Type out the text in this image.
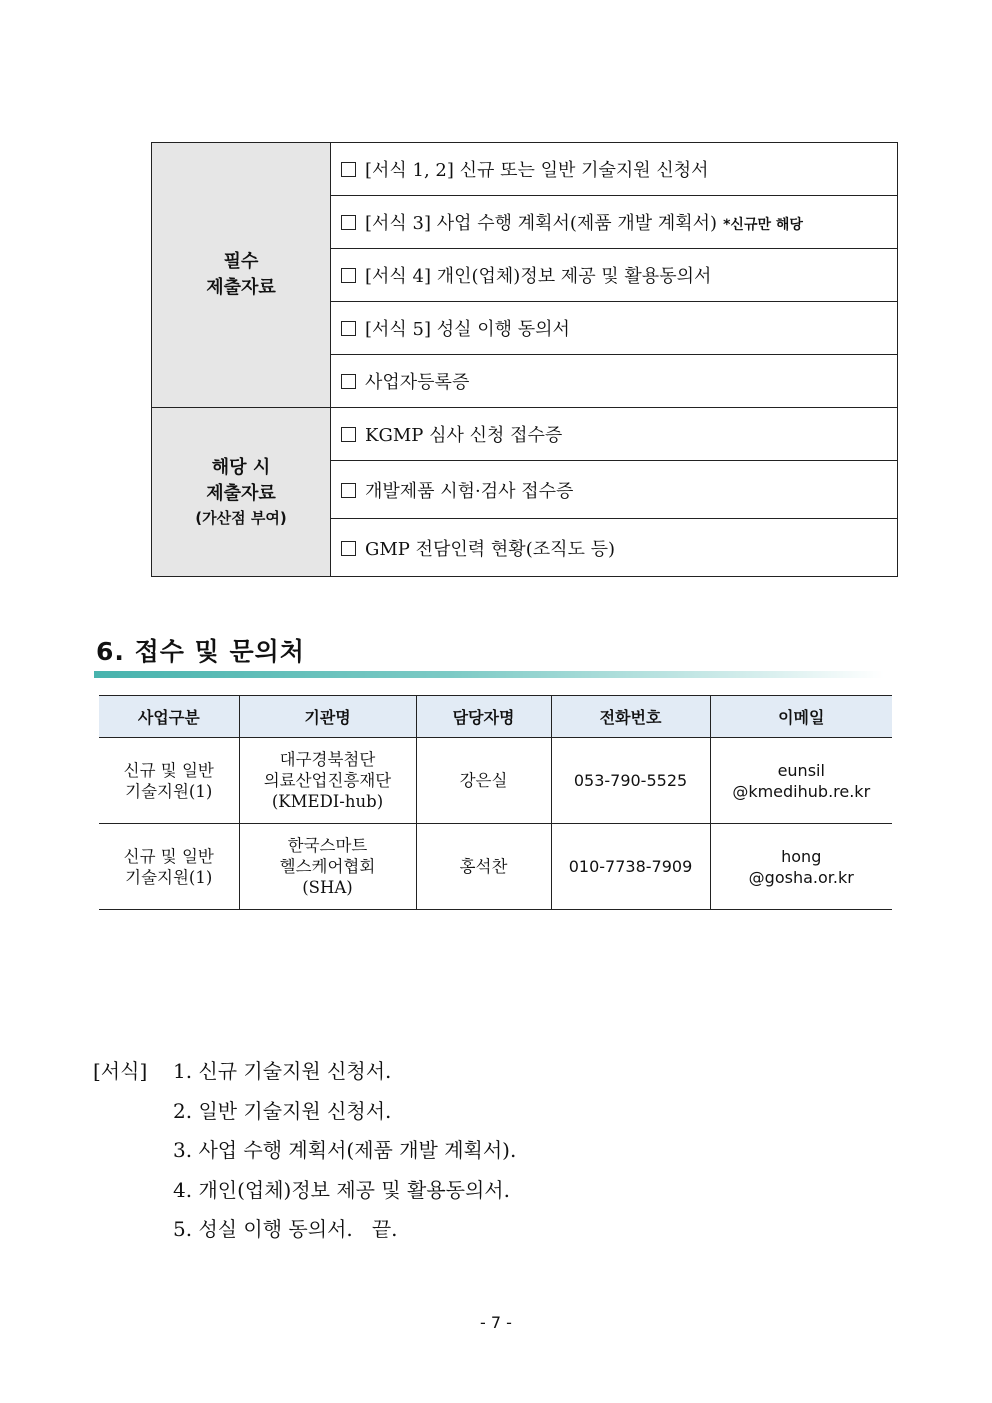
필수
제출자료	[서식 1, 2] 신규 또는 일반 기술지원 신청서
	[서식 3] 사업 수행 계획서(제품 개발 계획서) *신규만 해당
	[서식 4] 개인(업체)정보 제공 및 활용동의서
	[서식 5] 성실 이행 동의서
	사업자등록증

해당 시
제출자료
(가산점 부여)	KGMP 심사 신청 접수증
	개발제품 시험·검사 접수증
	GMP 전담인력 현황(조직도 등)
6. 접수 및 문의처
사업구분	기관명	담당자명	전화번호	이메일

신규 및 일반
기술지원(1)	대구경북첨단
의료산업진흥재단
(KMEDI-hub)	강은실	053-790-5525	eunsil
@kmedihub.re.kr

신규 및 일반
기술지원(1)	한국스마트
헬스케어협회
(SHA)	홍석찬	010-7738-7909	hong
@gosha.or.kr
[서식] 1. 신규 기술지원 신청서.
2. 일반 기술지원 신청서.
3. 사업 수행 계획서(제품 개발 계획서).
4. 개인(업체)정보 제공 및 활용동의서.
5. 성실 이행 동의서.   끝.
- 7 -
